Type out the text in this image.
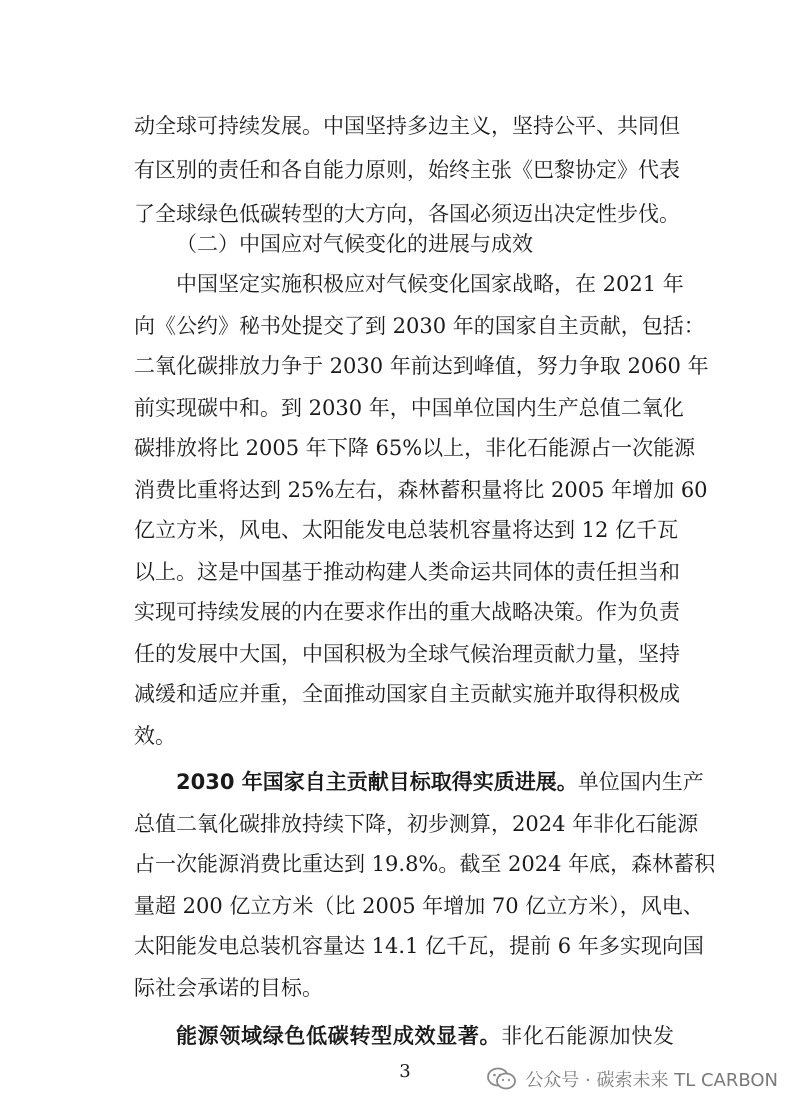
动全球可持续发展。中国坚持多边主义，坚持公平、共同但
有区别的责任和各自能力原则，始终主张《巴黎协定》代表
了全球绿色低碳转型的大方向，各国必须迈出决定性步伐。
（二）中国应对气候变化的进展与成效
中国坚定实施积极应对气候变化国家战略，在 2021 年
向《公约》秘书处提交了到 2030 年的国家自主贡献，包括：
二氧化碳排放力争于 2030 年前达到峰值，努力争取 2060 年
前实现碳中和。到 2030 年，中国单位国内生产总值二氧化
碳排放将比 2005 年下降 65%以上，非化石能源占一次能源
消费比重将达到 25%左右，森林蓄积量将比 2005 年增加 60
亿立方米，风电、太阳能发电总装机容量将达到 12 亿千瓦
以上。这是中国基于推动构建人类命运共同体的责任担当和
实现可持续发展的内在要求作出的重大战略决策。作为负责
任的发展中大国，中国积极为全球气候治理贡献力量，坚持
减缓和适应并重，全面推动国家自主贡献实施并取得积极成
效。
2030 年国家自主贡献目标取得实质进展。单位国内生产
总值二氧化碳排放持续下降，初步测算，2024 年非化石能源
占一次能源消费比重达到 19.8%。截至 2024 年底，森林蓄积
量超 200 亿立方米（比 2005 年增加 70 亿立方米），风电、
太阳能发电总装机容量达 14.1 亿千瓦，提前 6 年多实现向国
际社会承诺的目标。
能源领域绿色低碳转型成效显著。非化石能源加快发
3	公众号 · 碳索未来 TL CARBON
